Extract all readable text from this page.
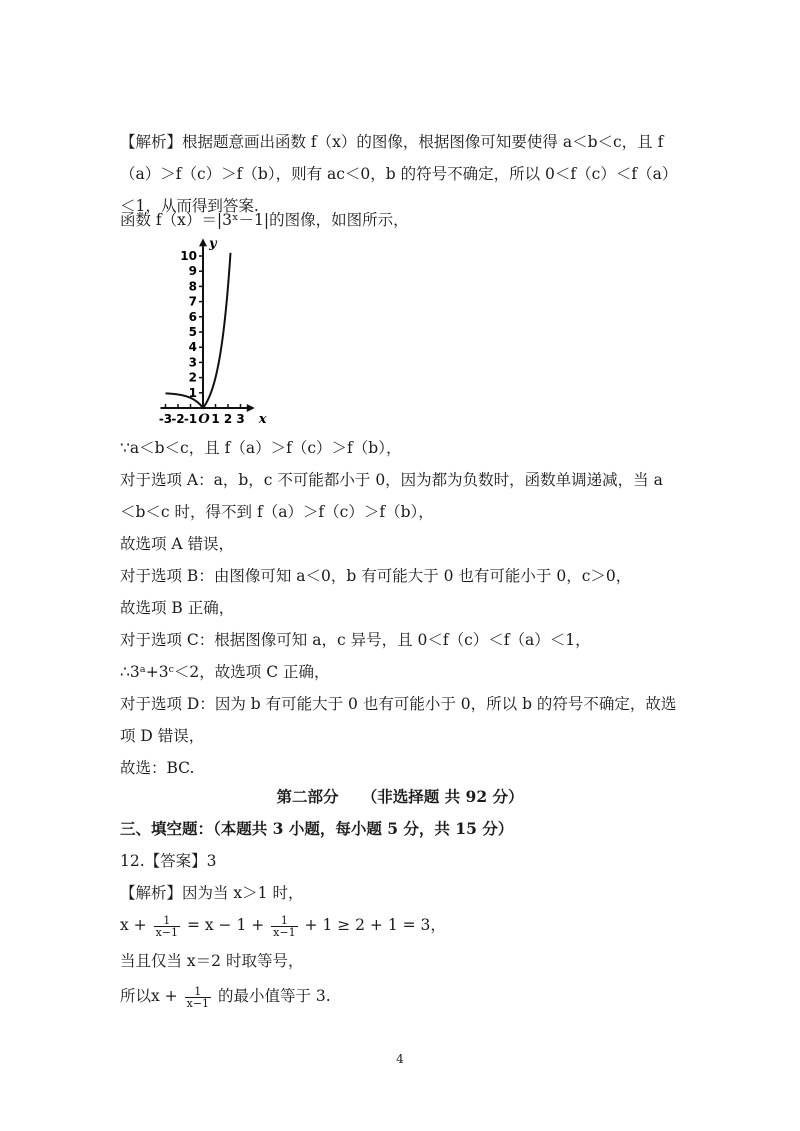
【解析】根据题意画出函数 f（x）的图像，根据图像可知要使得 a＜b＜c，且 f
（a）＞f（c）＞f（b），则有 ac＜0，b 的符号不确定，所以 0＜f（c）＜f（a）
＜1，从而得到答案.
函数 f（x）＝|3ˣ－1|的图像，如图所示，
1
2
3
4
5
6
7
8
9
10
-3 -2 -1 1 2 3
O	x
y
∵a＜b＜c，且 f（a）＞f（c）＞f（b），
对于选项 A：a，b，c 不可能都小于 0，因为都为负数时，函数单调递减，当 a
＜b＜c 时，得不到 f（a）＞f（c）＞f（b），
故选项 A 错误，
对于选项 B：由图像可知 a＜0，b 有可能大于 0 也有可能小于 0，c＞0，
故选项 B 正确，
对于选项 C：根据图像可知 a，c 异号，且 0＜f（c）＜f（a）＜1，
∴3ᵃ+3ᶜ＜2，故选项 C 正确，
对于选项 D：因为 b 有可能大于 0 也有可能小于 0，所以 b 的符号不确定，故选
项 D 错误，
故选：BC.
第二部分　　（非选择题 共 92 分）
三、填空题：（本题共 3 小题，每小题 5 分，共 15 分）
12.【答案】3
【解析】因为当 x＞1 时，
$x + \frac{1}{x-1} = x - 1 + \frac{1}{x-1} + 1 \ge 2 + 1 = 3$，
当且仅当 x＝2 时取等号，
所以$x + \frac{1}{x-1}$ 的最小值等于 3.
4
